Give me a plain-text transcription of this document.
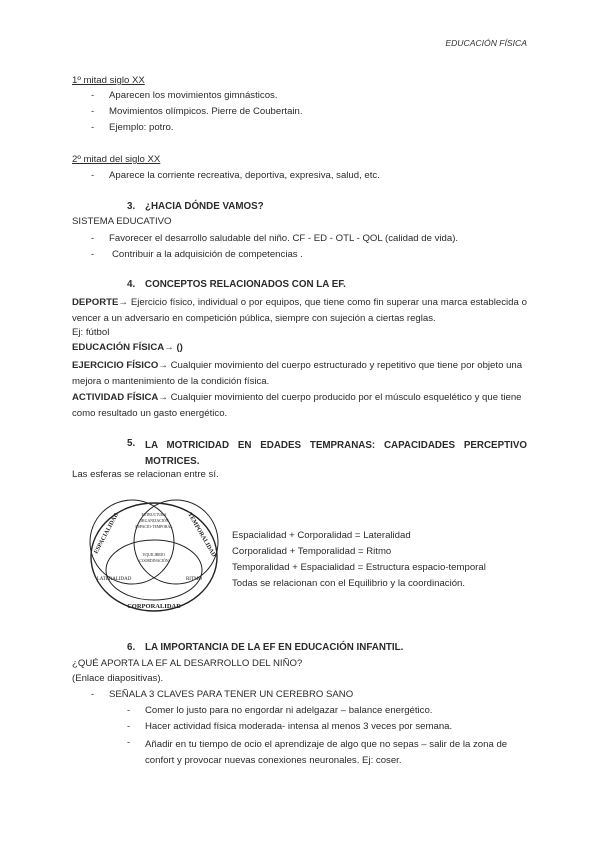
EDUCACIÓN FÍSICA
1º mitad siglo XX
- Aparecen los movimientos gimnásticos.
- Movimientos olímpicos. Pierre de Coubertain.
- Ejemplo: potro.
2º mitad del siglo XX
- Aparece la corriente recreativa, deportiva, expresiva, salud, etc.
3. ¿HACIA DÓNDE VAMOS?
SISTEMA EDUCATIVO
- Favorecer el desarrollo saludable del niño. CF - ED - OTL - QOL (calidad de vida).
- Contribuir a la adquisición de competencias .
4. CONCEPTOS RELACIONADOS CON LA EF.
DEPORTE→ Ejercicio físico, individual o por equipos, que tiene como fin superar una marca establecida o vencer a un adversario en competición pública, siempre con sujeción a ciertas reglas.
Ej: fútbol
EDUCACIÓN FÍSICA→ ()
EJERCICIO FÍSICO→ Cualquier movimiento del cuerpo estructurado y repetitivo que tiene por objeto una mejora o mantenimiento de la condición física.
ACTIVIDAD FÍSICA→ Cualquier movimiento del cuerpo producido por el músculo esquelético y que tiene como resultado un gasto energético.
5. LA MOTRICIDAD EN EDADES TEMPRANAS: CAPACIDADES PERCEPTIVO MOTRICES.
Las esferas se relacionan entre sí.
ESPACIALIDAD	TEMPORALIDAD
CORPORALIDAD
LATERALIDAD	RITMO
ESTRUCTURA
ORGANIZACIÓN
ESPACIO-TEMPORAL
EQUILIBRIO
COORDINACIÓN
Espacialidad + Corporalidad = Lateralidad
Corporalidad + Temporalidad = Ritmo
Temporalidad + Espacialidad = Estructura espacio-temporal
Todas se relacionan con el Equilibrio y la coordinación.
6. LA IMPORTANCIA DE LA EF EN EDUCACIÓN INFANTIL.
¿QUÉ APORTA LA EF AL DESARROLLO DEL NIÑO?
(Enlace diapositivas).
- SEÑALA 3 CLAVES PARA TENER UN CEREBRO SANO
- Comer lo justo para no engordar ni adelgazar – balance energético.
- Hacer actividad física moderada- intensa al menos 3 veces por semana.
- Añadir en tu tiempo de ocio el aprendizaje de algo que no sepas – salir de la zona de confort y provocar nuevas conexiones neuronales. Ej: coser.
